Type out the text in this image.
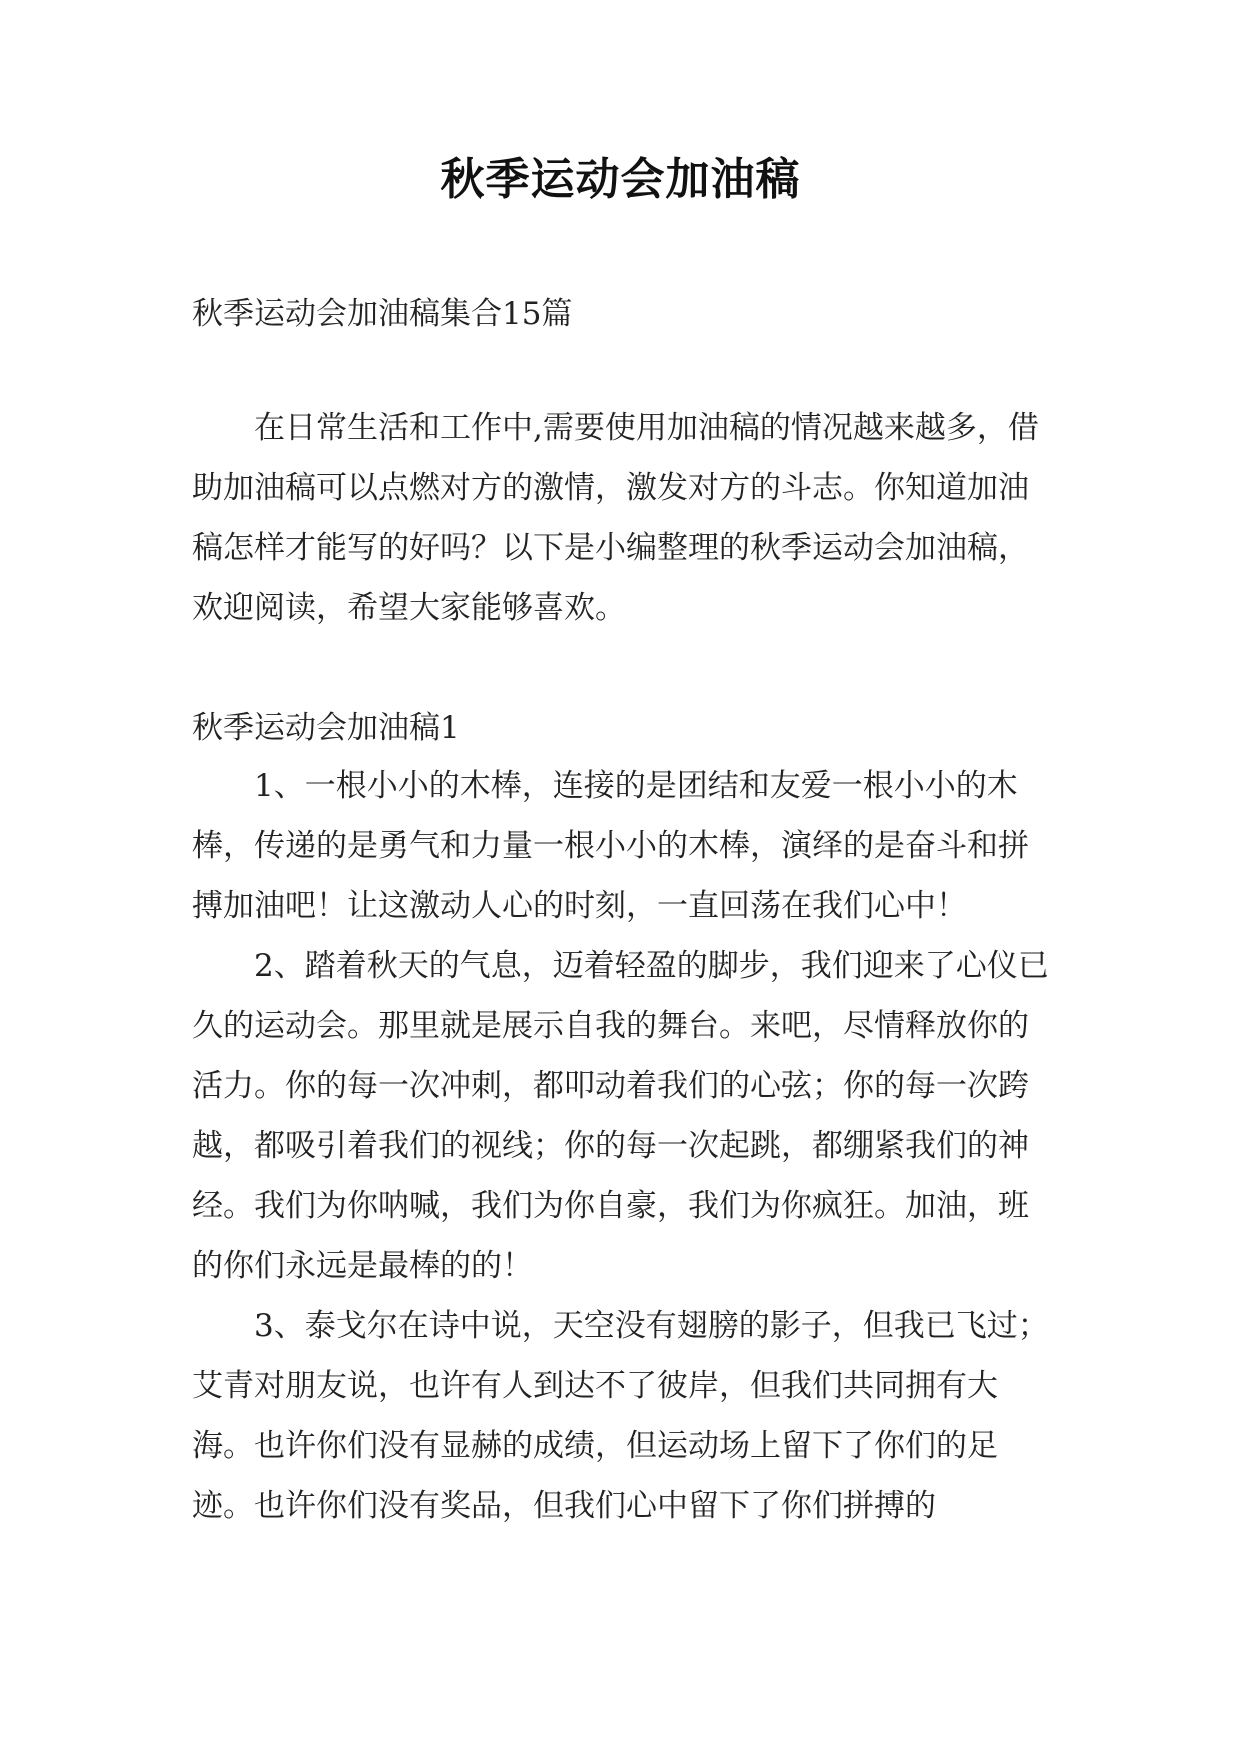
秋季运动会加油稿
秋季运动会加油稿集合15篇

在日常生活和工作中,需要使用加油稿的情况越来越多，借助加油稿可以点燃对方的激情，激发对方的斗志。你知道加油稿怎样才能写的好吗？以下是小编整理的秋季运动会加油稿，欢迎阅读，希望大家能够喜欢。

秋季运动会加油稿1

1、一根小小的木棒，连接的是团结和友爱一根小小的木棒，传递的是勇气和力量一根小小的木棒，演绎的是奋斗和拼搏加油吧！让这激动人心的时刻，一直回荡在我们心中！

2、踏着秋天的气息，迈着轻盈的脚步，我们迎来了心仪已久的运动会。那里就是展示自我的舞台。来吧，尽情释放你的活力。你的每一次冲刺，都叩动着我们的心弦；你的每一次跨越，都吸引着我们的视线；你的每一次起跳，都绷紧我们的神经。我们为你呐喊，我们为你自豪，我们为你疯狂。加油，班的你们永远是最棒的的！

3、泰戈尔在诗中说，天空没有翅膀的影子，但我已飞过；艾青对朋友说，也许有人到达不了彼岸，但我们共同拥有大海。也许你们没有显赫的成绩，但运动场上留下了你们的足迹。也许你们没有奖品，但我们心中留下了你们拼搏的
